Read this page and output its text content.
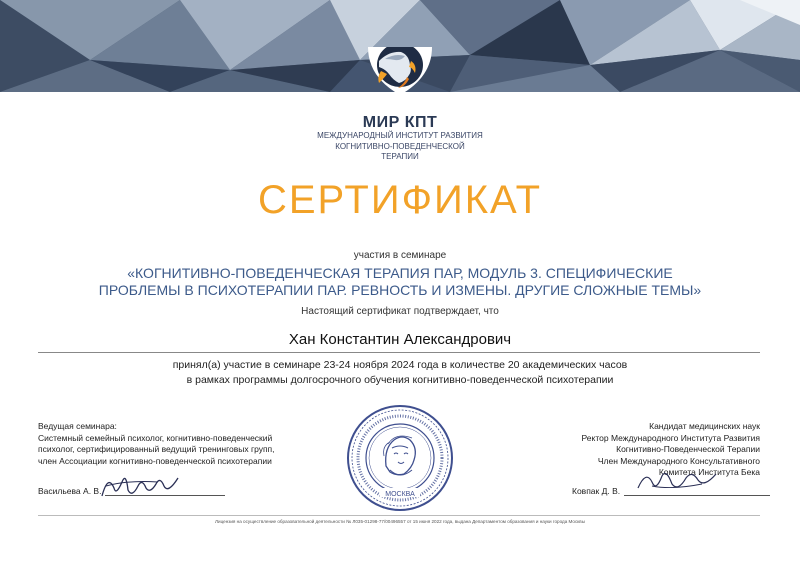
МИР КПТ
МЕЖДУНАРОДНЫЙ ИНСТИТУТ РАЗВИТИЯ
КОГНИТИВНО-ПОВЕДЕНЧЕСКОЙ
ТЕРАПИИ
СЕРТИФИКАТ
участия в семинаре
«КОГНИТИВНО-ПОВЕДЕНЧЕСКАЯ ТЕРАПИЯ ПАР, МОДУЛЬ 3. СПЕЦИФИЧЕСКИЕ
ПРОБЛЕМЫ В ПСИХОТЕРАПИИ ПАР. РЕВНОСТЬ И ИЗМЕНЫ. ДРУГИЕ СЛОЖНЫЕ ТЕМЫ»
Настоящий сертификат подтверждает, что
Хан Константин Александрович
принял(а) участие в семинаре 23-24 ноября 2024 года в количестве 20 академических часов
в рамках программы долгосрочного обучения когнитивно-поведенческой психотерапии
Ведущая семинара:
Системный семейный психолог, когнитивно-поведенческий
психолог, сертифицированный ведущий тренинговых групп,
член Ассоциации когнитивно-поведенческой психотерапии
Васильева А. В.	МОСКВА
Кандидат медицинских наук
Ректор Международного Института Развития
Когнитивно-Поведенческой Терапии
Член Международного Консультативного
Комитета Института Бека
Ковпак Д. В.
Лицензия на осуществление образовательной деятельности № Л035-01298-77/00496557 от 15 июня 2022 года, выдана Департаментом образования и науки города Москвы
